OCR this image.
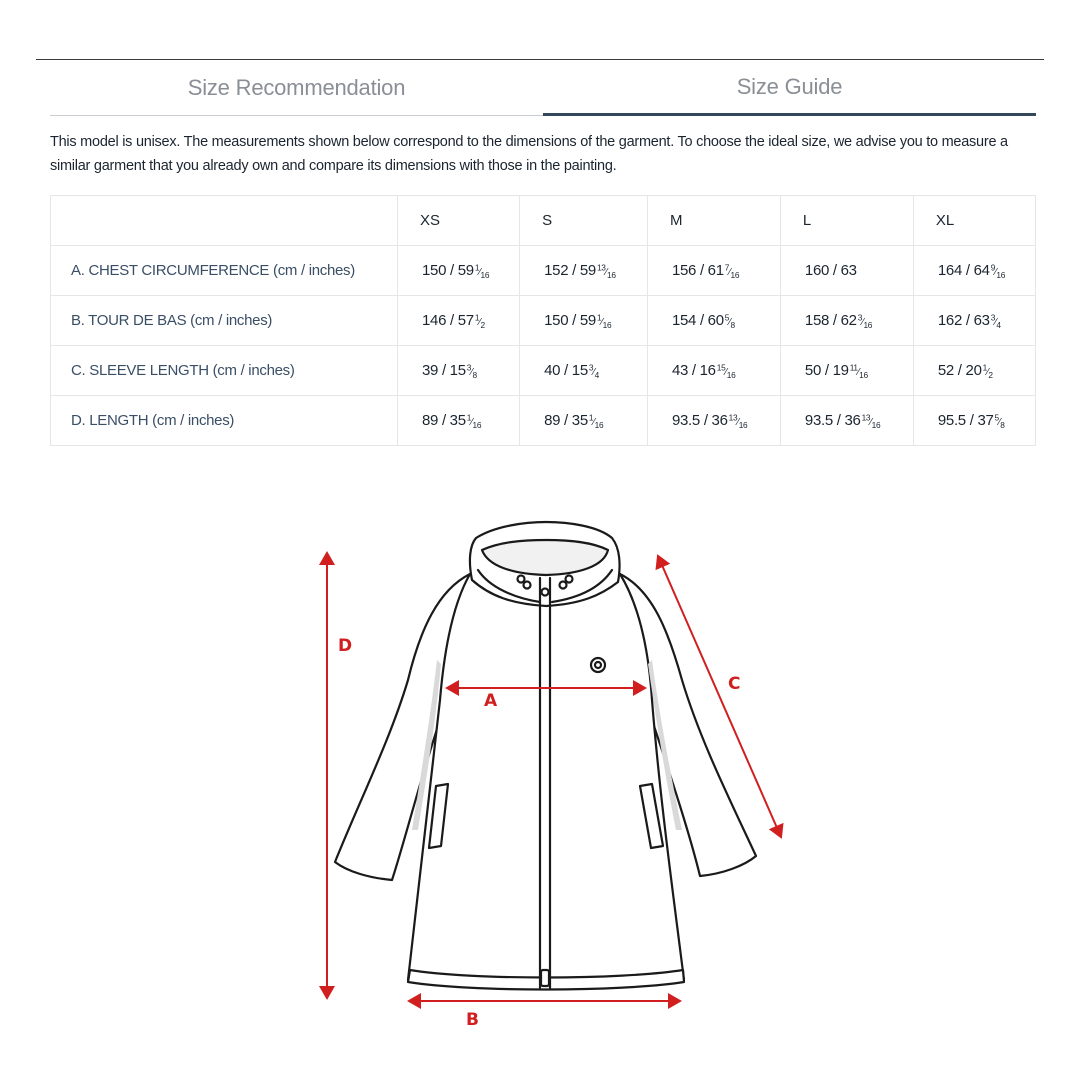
Size Recommendation	Size Guide

This model is unisex. The measurements shown below correspond to the dimensions of the garment. To choose the ideal size, we advise you to measure a similar garment that you already own and compare its dimensions with those in the painting.

	XS	S	M	L	XL
A. CHEST CIRCUMFERENCE (cm / inches)	$150 / 59^1⁄_{16}$	$152 / 59^{13}⁄_{16}$	$156 / 61^7⁄_{16}$	160 / 63	$164 / 64^9⁄_{16}$
B. TOUR DE BAS (cm / inches)	$146 / 57^1⁄_2$	$150 / 59^1⁄_{16}$	$154 / 60^5⁄_8$	$158 / 62^3⁄_{16}$	$162 / 63^3⁄_4$
C. SLEEVE LENGTH (cm / inches)	$39 / 15^3⁄_8$	$40 / 15^3⁄_4$	$43 / 16^{15}⁄_{16}$	$50 / 19^{11}⁄_{16}$	$52 / 20^1⁄_2$
D. LENGTH (cm / inches)	$89 / 35^1⁄_{16}$	$89 / 35^1⁄_{16}$	$93.5 / 36^{13}⁄_{16}$	$93.5 / 36^{13}⁄_{16}$	$95.5 / 37^5⁄_8$
A
B
C
D
